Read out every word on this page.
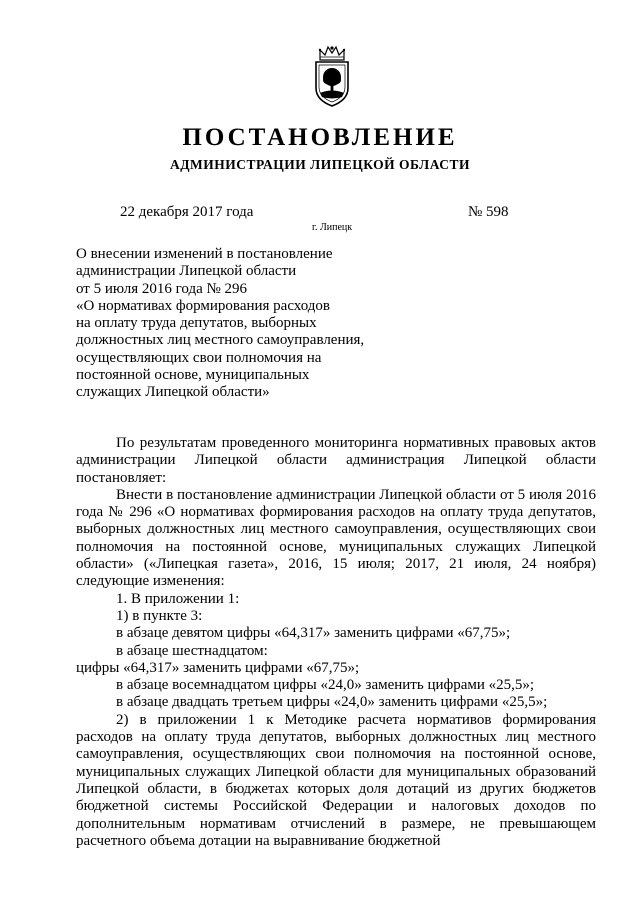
ПОСТАНОВЛЕНИЕ
АДМИНИСТРАЦИИ ЛИПЕЦКОЙ ОБЛАСТИ
22 декабря 2017 года
г. Липецк
№ 598
О внесении изменений в постановление
администрации Липецкой области
от 5 июля 2016 года № 296
«О нормативах формирования расходов
на оплату труда депутатов, выборных
должностных лиц местного самоуправления,
осуществляющих свои полномочия на
постоянной основе, муниципальных
служащих Липецкой области»
По результатам проведенного мониторинга нормативных правовых актов администрации Липецкой области администрация Липецкой области постановляет:
Внести в постановление администрации Липецкой области от 5 июля 2016 года № 296 «О нормативах формирования расходов на оплату труда депутатов, выборных должностных лиц местного самоуправления, осуществляющих свои полномочия на постоянной основе, муниципальных служащих Липецкой области» («Липецкая газета», 2016, 15 июля; 2017, 21 июля, 24 ноября) следующие изменения:
1. В приложении 1:
1) в пункте 3:
в абзаце девятом цифры «64,317» заменить цифрами «67,75»;
в абзаце шестнадцатом:
цифры «64,317» заменить цифрами «67,75»;
в абзаце восемнадцатом цифры «24,0» заменить цифрами «25,5»;
в абзаце двадцать третьем цифры «24,0» заменить цифрами «25,5»;
2) в приложении 1 к Методике расчета нормативов формирования расходов на оплату труда депутатов, выборных должностных лиц местного самоуправления, осуществляющих свои полномочия на постоянной основе, муниципальных служащих Липецкой области для муниципальных образований Липецкой области, в бюджетах которых доля дотаций из других бюджетов бюджетной системы Российской Федерации и налоговых доходов по дополнительным нормативам отчислений в размере, не превышающем расчетного объема дотации на выравнивание бюджетной
